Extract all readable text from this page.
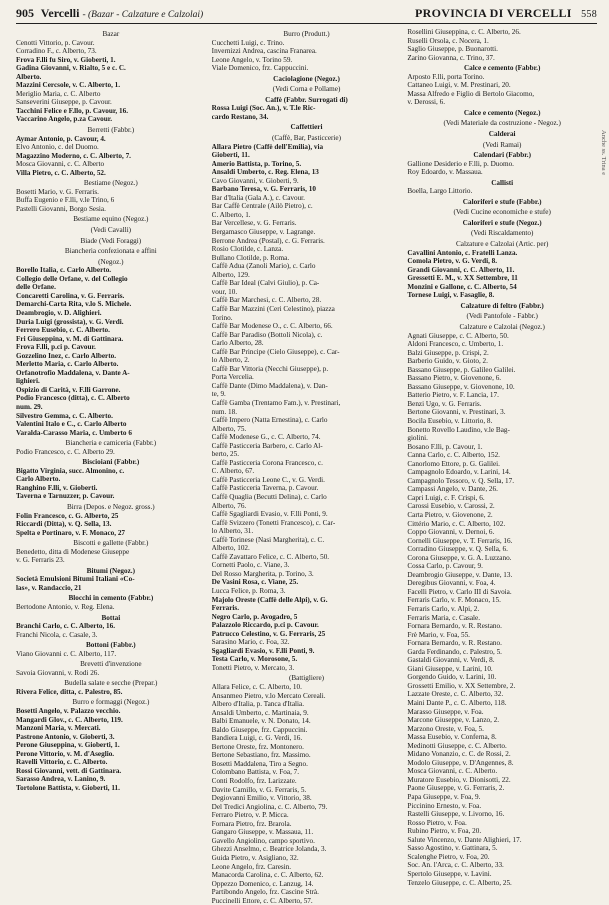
905 Vercelli - (Bazar - Calzature e Calzolai)	PROVINCIA DI VERCELLI 558
Bazar
Cenotti Vittorio, p. Cavour.
Corradino F., c. Alberto, 73.
Frova F.lli fu Siro, v. Gioberti, 1.
Gadina Giovanni, v. Rialto, 5 e c. C.
Alberto.
Mazzini Cercsole, v. C. Alberto, 1.
Meriglio Maria, c. C. Alberto
Sanseverini Giuseppe, p. Cavour.
Tacchini Felice e F.llo, p. Cavour, 16.
Vaccarino Angelo, p.za Cavour.
Berretti (Fabbr.)
Aymar Antonio, p. Cavour, 4.
Elvo Antonio, c. del Duomo.
Magazzino Moderno, c. C. Alberto, 7.
Mosca Giovanni, c. C. Alberto
Villa Pietro, c. C. Alberto, 52.
Bestiame (Negoz.)
Bosetti Mario, v. G. Ferraris.
Buffa Eugenio e F.lli, v.le Trino, 6
Pastelli Giovanni, Borgo Sesia.
Bestiame equino (Negoz.)
(Vedi Cavalli)
Biade (Vedi Foraggi)
Biancheria confezionata e affini
(Negoz.)
Borello Italia, c. Carlo Alberto.
Collegio delle Orfane, v. del Collegio
delle Orfane.
Concaretti Carolina, v. G. Ferraris.
Demarchi-Carta Rita, v.lo S. Michele.
Deambrogio, v. D. Alighieri.
Duria Luigi (grossista), v. G. Verdi.
Ferrero Eusebio, c. C. Alberto.
Fri Giuseppina, v. M. di Gattinara.
Frova F.lli, p.ci p. Cavour.
Gozzelino Inez, c. Carlo Alberto.
Merletto Maria, c. Carlo Alberto.
Orfanotrofio Maddalena, v. Dante A-
lighieri.
Ospizio di Carità, v. F.lli Garrone.
Podio Francesco (ditta), c. C. Alberto
num. 29.
Silvestro Gemma, c. C. Alberto.
Valentini Italo e C., c. Carlo Alberto
Varalda-Carasso Maria, c. Umberto 6
Biancheria e camiceria (Fabbr.)
Podio Francesco, c. C. Alberto 29.
Biscioiani (Fabbr.)
Bigatto Virginia, succ. Almonino, c.
Carlo Alberto.
Ranghino F.lli, v. Gioberti.
Taverna e Tarnuzzer, p. Cavour.
Birra (Depos. e Negoz. gross.)
Folin Francesco, c. G. Alberto, 25
Riccardi (Ditta), v. Q. Sella, 13.
Spelta e Portinaro, v. F. Monaco, 27
Biscotti e gallette (Fabbr.)
Benedetto, ditta di Modenese Giuseppe
v. G. Ferraris 23.
Bitumi (Negoz.)
Società Emulsioni Bitumi Italiani «Co-
las», v. Randaccio, 21
Blocchi in cemento (Fabbr.)
Bertodone Antonio, v. Reg. Elena.
Bottai
Branchi Carlo, c. C. Alberto, 16.
Franchi Nicola, c. Casale, 3.
Bottoni (Fabbr.)
Viano Giovanni c. C. Alberto, 117.
Brevetti d'invenzione
Savoia Giovanni, v. Rodi 26.
Budella salate e secche (Prepar.)
Rivera Felice, ditta, c. Palestro, 85.
Burro e formaggi (Negoz.)
Bosetti Angelo, v. Palazzo vecchio.
Mangardi Glov., c. C. Alberto, 119.
Manzoni Maria, v. Mercati.
Pastrone Antonio, v. Gioberti, 3.
Perone Giuseppina, v. Gioberti, 1.
Perone Vittorio, v. M. d'Aseglio.
Ravelli Vittorio, c. C. Alberto.
Rossi Giovanni, vett. di Gattinara.
Sarasso Andrea, v. Lanino, 9.
Tortolone Battista, v. Gioberti, 11.
Burro (Produtt.)
Cucchetti Luigi, c. Trino.
Invernizzi Andrea, cascina Franarea.
Leone Angelo, v. Torino 59.
Viale Domenico, frz. Cappuccini.
Caciolagione (Negoz.)
(Vedi Corna e Pollame)
Caffè (Fabbr. Surrogati di)
Rossa Luigi (Soc. An.), v. T.le Ric-
cardo Restano, 34.
Caffettieri
(Caffè, Bar, Pasticcerie)
Allara Pietro (Caffè dell'Emilia), via
Gioberti, 11.
Amerio Battista, p. Torino, 5.
Ansaldi Umberto, c. Reg. Elena, 13
Cavo Giovanni, v. Gioberti, 9.
Barbano Teresa, v. G. Ferraris, 10
Bar d'Italia (Gala A.), c. Cavour.
Bar Caffè Centrale (Ailò Pietro), c.
C. Alberto, 1.
Bar Vercellese, v. G. Ferraris.
Bergamasco Giuseppe, v. Lagrange.
Berrone Andrea (Postal), c. G. Ferraris.
Rosio Clotilde, c. Lanza.
Bullano Clotilde, p. Roma.
Caffè Adua (Zanoli Mario), c. Carlo
Alberto, 129.
Caffè Bar Ideal (Calvi Giulio), p. Ca-
vour, 10.
Caffè Bar Marchesi, c. C. Alberto, 28.
Caffè Bar Mazzini (Ceri Celestino), piazza
Torino.
Caffè Bar Modenese O., c. C. Alberto, 66.
Caffè Bar Paradiso (Bottoli Nicola), c.
Carlo Alberto, 28.
Caffè Bar Principe (Cielo Giuseppe), c. Car-
lo Alberto, 2.
Caffè Bar Vittoria (Necchi Giuseppe), p.
Porta Vercelia.
Caffè Dante (Dimo Maddalena), v. Dan-
te, 9.
Caffè Gamba (Trentamo Fam.), v. Prestinari,
num. 18.
Caffè Impero (Natta Ernestina), c. Carlo
Alberto, 75.
Caffè Modenese G., c. C. Alberto, 74.
Caffè Pasticceria Barbero, c. Carlo Al-
berto, 25.
Caffè Pasticceria Corona Francesco, c.
C. Alberto, 67.
Caffè Pasticceria Leone C., v. G. Verdi.
Caffè Pasticceria Taverna, p. Cavour.
Caffè Quaglia (Becutti Delina), c. Carlo
Alberto, 76.
Caffè Sgagliardi Evasio, v. F.lli Ponti, 9.
Caffè Svizzero (Tonetti Francesco), c. Car-
lo Alberto, 31.
Caffè Torinese (Nasi Margherita), c. C.
Alberto, 102.
Caffè Zavattaro Felice, c. C. Alberto, 50.
Cornetti Paolo, c. Viane, 3.
Del Rosso Margherita, p. Torino, 3.
De Vasini Rosa, c. Viane, 25.
Lucca Felice, p. Roma, 3.
Majolo Oreste (Caffè delle Alpi), v. G.
Ferraris.
Negro Carlo, p. Avogadro, 5
Palazzolo Riccardo, p.ci p. Cavour.
Patrucco Celestino, v. G. Ferraris, 25
Sarasino Mario, c. Foa, 32.
Sgagliardi Evasio, v. F.lli Ponti, 9.
Testa Carlo, v. Morosone, 5.
Tonetti Pietro, v. Mercato, 3.
(Battigliere)
Allara Felice, c. C. Alberto, 10.
Ansanmeo Pietro, v.lo Mercato Cereali.
Albero d'Italia, p. Tanca d'Italia.
Ansaldi Umberto, c. Martinaia, 9.
Balbi Emanuele, v. N. Donato, 14.
Baldo Giuseppe, frz. Cappuccini.
Bandiera Luigi, c. G. Verdi, 16.
Bertone Oreste, frz. Montonero.
Bertone Sebastiano, frz. Massimo.
Bosetti Maddalena, Tiro a Segno.
Colombano Battista, v. Foa, 7.
Conti Rodolfo, frz. Larizzate.
Davite Camillo, v. G. Ferraris, 5.
Degiovanni Emilio, v. Vittorio, 38.
Del Tredici Angiolina, c. C. Alberto, 79.
Ferraro Pietro, v. P. Micca.
Fornara Pietro, frz. Brarola.
Gangaro Giuseppe, v. Massaua, 11.
Gavello Angiolino, campo sportivo.
Ghezzi Anselmo, c. Beatrice Jolanda, 3.
Guida Pietro, v. Asigliano, 32.
Leone Angelo, frz. Caresin.
Manacorda Carolina, c. C. Alberto, 62.
Oppezzo Domenico, c. Lanzug, 14.
Partibondo Angelo, frz. Cascine Strà.
Puccinelli Ettore, c. C. Alberto, 57.
Rosellini Giuseppina, c. C. Alberto, 26.
Ruselli Orsola, c. Nocera, 1.
Saglio Giuseppe, p. Buonarotti.
Zarino Giovanna, c. Trino, 37.
Calce e cemento (Fabbr.)
Arposto F.lli, porta Torino.
Cattaneo Luigi, v. M. Prestinari, 20.
Massa Alfredo e Figlio di Bertolo Giacomo,
v. Derossi, 6.
Calce e cemento (Negoz.)
(Vedi Materiale da costruzione - Negoz.)
Calderai
(Vedi Ramai)
Calendari (Fabbr.)
Gallione Desiderio e F.lli, p. Duomo.
Roy Edoardo, v. Massaua.
Callisti
Boella, Largo Littorio.
Caloriferi e stufe (Fabbr.)
(Vedi Cucine economiche e stufe)
Caloriferi e stufe (Negoz.)
(Vedi Riscaldamento)
Calzature e Calzolai (Artic. per)
Cavallini Antonio, c. Fratelli Lanza.
Comola Pietro, v. G. Verdi, 8.
Grandi Giovanni, c. C. Alberto, 11.
Gressetti E. M., v. XX Settembre, 11
Monzini e Gallone, c. C. Alberto, 54
Tornese Luigi, v. Fasaglie, 8.
Calzature di feltro (Fabbr.)
(Vedi Pantofole - Fabbr.)
Calzature e Calzolai (Negoz.)
Agnati Giuseppe, c. C. Alberto, 50.
Aldoni Francesco, c. Umberto, 1.
Balzi Giuseppe, p. Crispi, 2.
Barberio Guido, v. Gioto, 2.
Bassano Giuseppe, p. Galileo Galilei.
Bassano Pietro, v. Giovenone, 6.
Bassano Giuseppe, v. Giovenone, 10.
Batterio Pietro, v. F. Lancia, 17.
Benzi Ugo, v. G. Ferraris.
Bertone Giovanni, v. Prestinari, 3.
Bocila Eusebio, v. Littorio, 8.
Bonetto Rovello Laudino, v.le Bag-
giolini.
Bosano F.lli, p. Cavour, 1.
Canna Carlo, c. C. Alberto, 152.
Canorlomo Ettore, p. G. Galilei.
Campagnolo Edoardo, v. Larini, 14.
Campagnolo Tessoro, v. Q. Sella, 17.
Campassi Angelo, v. Dante, 26.
Capri Luigi, c. F. Crispi, 6.
Carossi Eusebio, v. Carossi, 2.
Carta Pietro, v. Giovenone, 2.
Cittério Mario, c. C. Alberto, 102.
Coppo Giovanni, v. Dernoi, 6.
Cornelli Giuseppe, v. T. Ferraris, 16.
Corradino Giuseppe, v. Q. Sella, 6.
Corona Giuseppe, v. G. A. Luzzano.
Cossa Carlo, p. Cavour, 9.
Deambrogio Giuseppe, v. Dante, 13.
Deregibus Giovanni, v. Foa, 4.
Facelli Pietro, v. Carlo III di Savoia.
Ferraris Carlo, v. F. Monaco, 15.
Ferraris Carlo, v. Alpi, 2.
Ferraris Maria, c. Casale.
Fornara Bernardo, v. R. Restano.
Frè Mario, v. Foa, 55.
Fornara Bernardo, v. R. Restano.
Garda Ferdinando, c. Palestro, 5.
Gastaldi Giovanni, v. Verdi, 8.
Giani Giuseppe, v. Larini, 10.
Gorgendo Guido, v. Larini, 10.
Grossetti Emilio, v. XX Settembre, 2.
Lazzate Oreste, c. C. Alberto, 32.
Maini Dante P., c. C. Alberto, 118.
Marasso Giuseppe, v. Foa.
Marcone Giuseppe, v. Lanzo, 2.
Marzono Oreste, v. Foa, 5.
Massa Eusebio, v. Conferna, 8.
Medinotti Giuseppe, c. C. Alberto.
Midano Vonanzio, c. C. de Rossi, 2.
Modolo Giuseppe, v. D'Angennes, 8.
Mosca Giovanni, c. C. Alberto.
Muratore Eusebio, v. Dionisotti, 22.
Paone Giuseppe, v. G. Ferraris, 2.
Papa Giuseppe, v. Foa, 9.
Piccinino Ernesto, v. Foa.
Rastelli Giuseppe, v. Livorno, 16.
Rosso Pietro, v. Foa.
Rubino Pietro, v. Foa, 20.
Salute Vincenzo, v. Dante Alighieri, 17.
Sasso Agostino, v. Gattinara, 5.
Scalenghe Pietro, v. Foa, 20.
Soc. An. l'Arca, c. C. Alberto, 33.
Spertolo Giuseppe, v. Lavini.
Tenzelo Giuseppe, c. C. Alberto, 25.
Anche ss. Trina e
